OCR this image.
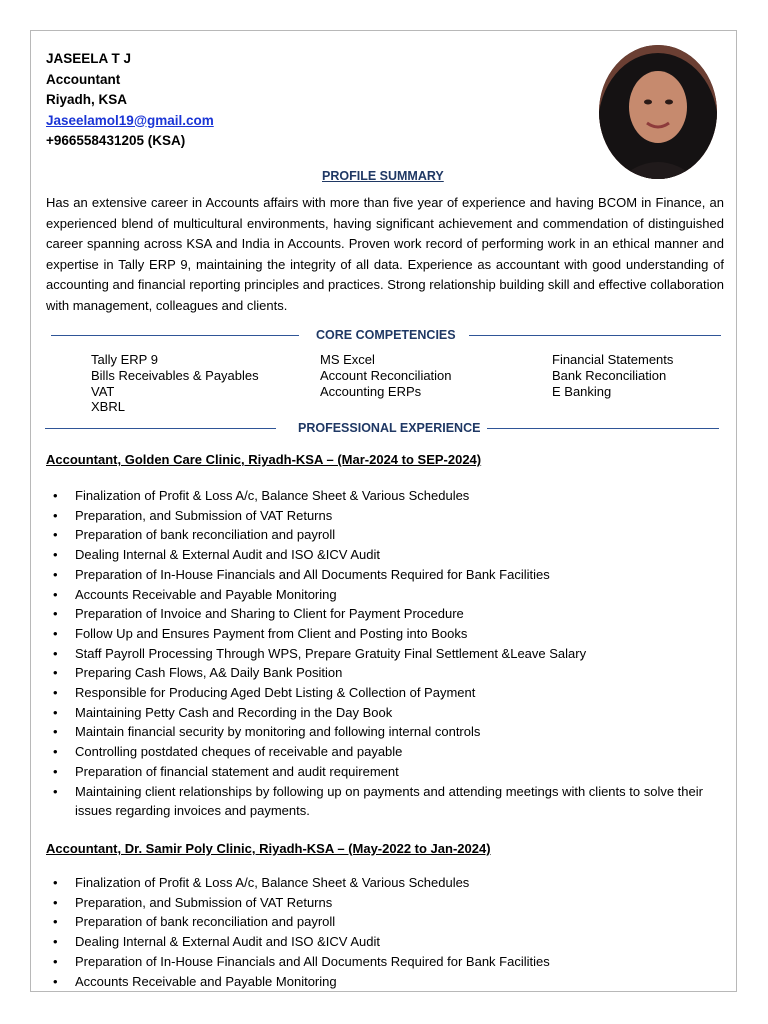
JASEELA T J
Accountant
Riyadh, KSA
Jaseelamol19@gmail.com
+966558431205 (KSA)
PROFILE SUMMARY
Has an extensive career in Accounts affairs with more than five year of experience and having BCOM in Finance, an experienced blend of multicultural environments, having significant achievement and commendation of distinguished career spanning across KSA and India in Accounts. Proven work record of performing work in an ethical manner and expertise in Tally ERP 9, maintaining the integrity of all data. Experience as accountant with good understanding of accounting and financial reporting principles and practices. Strong relationship building skill and effective collaboration with management, colleagues and clients.
CORE COMPETENCIES
Tally ERP 9
Bills Receivables & Payables
VAT
XBRL
MS Excel
Account Reconciliation
Accounting ERPs
Financial Statements
Bank Reconciliation
E Banking
PROFESSIONAL EXPERIENCE
Accountant, Golden Care Clinic, Riyadh-KSA – (Mar-2024 to SEP-2024)
• Finalization of Profit & Loss A/c, Balance Sheet & Various Schedules
• Preparation, and Submission of VAT Returns
• Preparation of bank reconciliation and payroll
• Dealing Internal & External Audit and ISO &ICV Audit
• Preparation of In-House Financials and All Documents Required for Bank Facilities
• Accounts Receivable and Payable Monitoring
• Preparation of Invoice and Sharing to Client for Payment Procedure
• Follow Up and Ensures Payment from Client and Posting into Books
• Staff Payroll Processing Through WPS, Prepare Gratuity Final Settlement &Leave Salary
• Preparing Cash Flows, A& Daily Bank Position
• Responsible for Producing Aged Debt Listing & Collection of Payment
• Maintaining Petty Cash and Recording in the Day Book
• Maintain financial security by monitoring and following internal controls
• Controlling postdated cheques of receivable and payable
• Preparation of financial statement and audit requirement
• Maintaining client relationships by following up on payments and attending meetings with clients to solve their issues regarding invoices and payments.
Accountant, Dr. Samir Poly Clinic, Riyadh-KSA – (May-2022 to Jan-2024)
• Finalization of Profit & Loss A/c, Balance Sheet & Various Schedules
• Preparation, and Submission of VAT Returns
• Preparation of bank reconciliation and payroll
• Dealing Internal & External Audit and ISO &ICV Audit
• Preparation of In-House Financials and All Documents Required for Bank Facilities
• Accounts Receivable and Payable Monitoring
